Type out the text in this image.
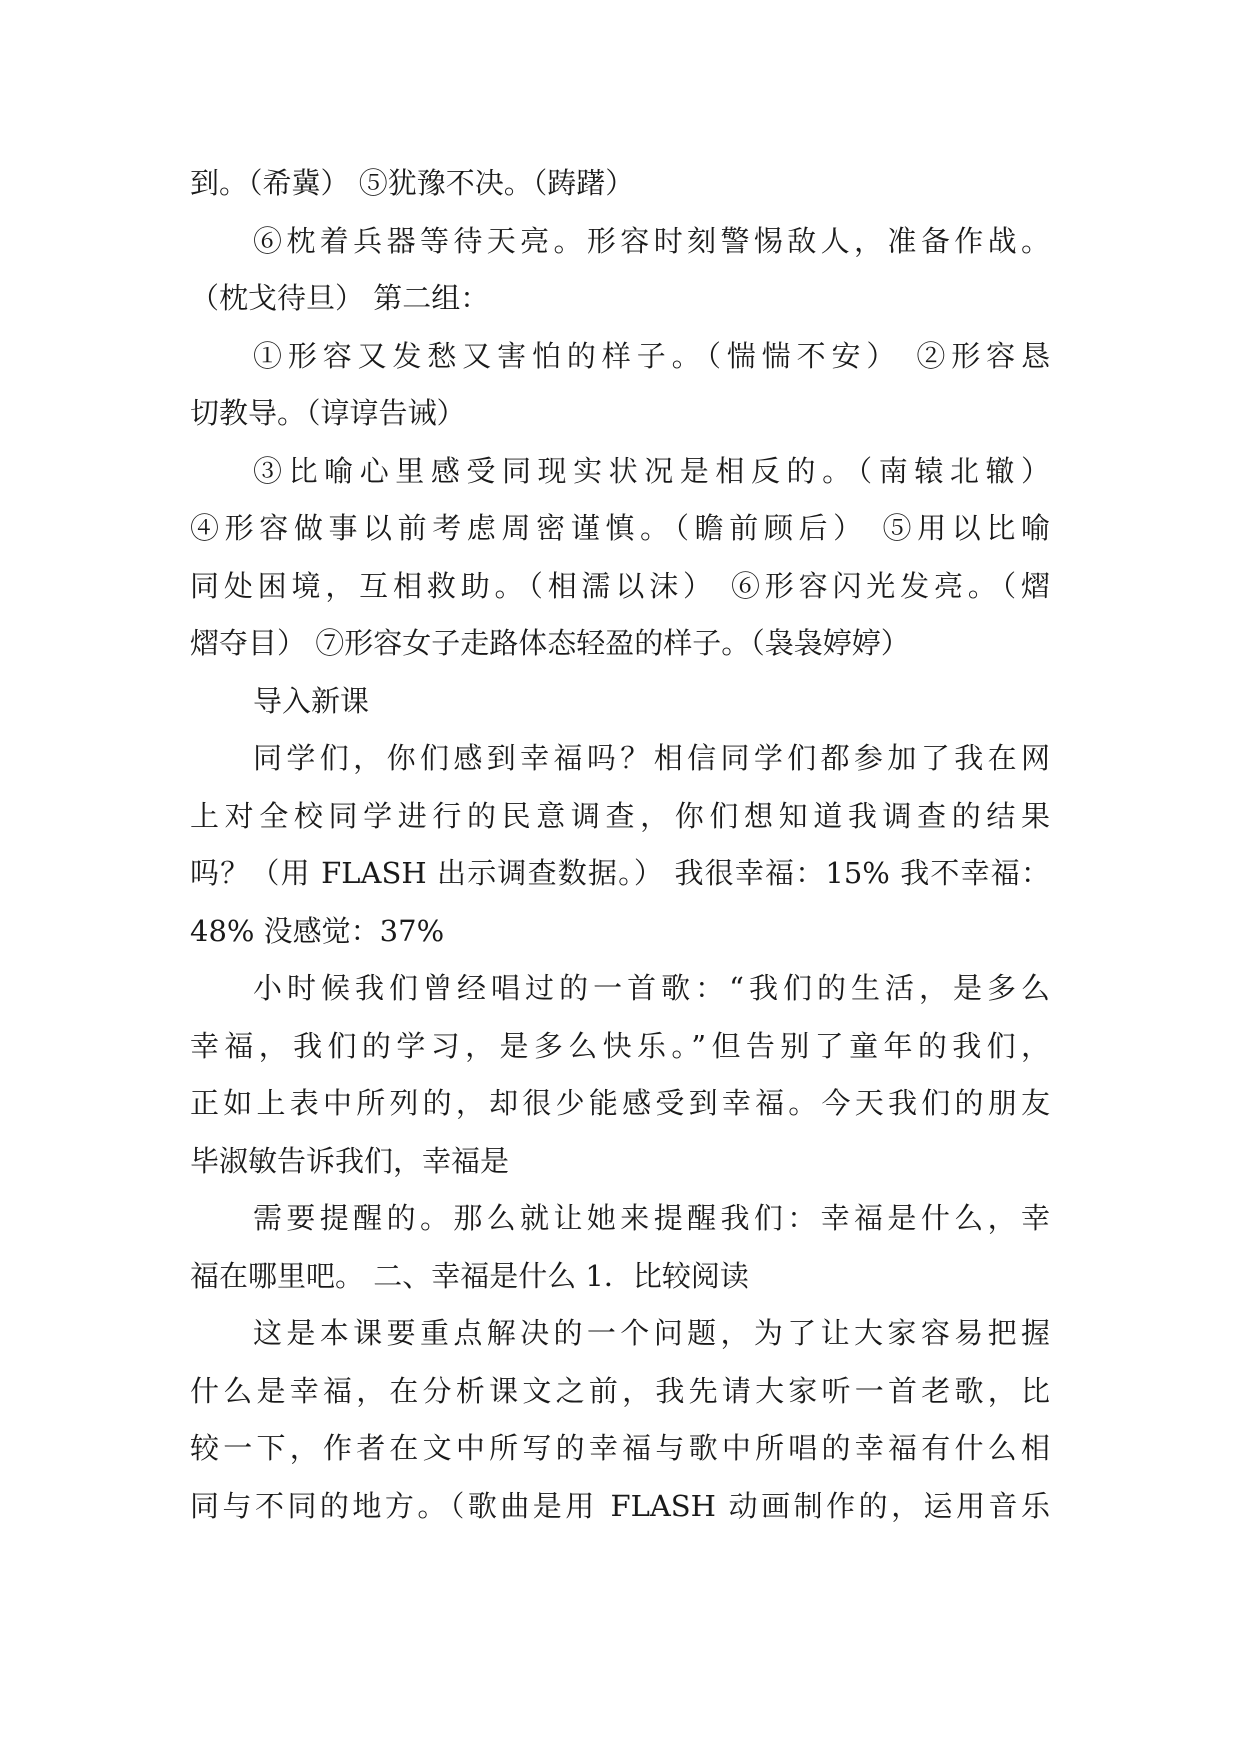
到。（希冀） ⑤犹豫不决。（踌躇）
⑥枕着兵器等待天亮。形容时刻警惕敌人，准备作战。
（枕戈待旦） 第二组：
①形容又发愁又害怕的样子。（惴惴不安） ②形容恳
切教导。（谆谆告诫）
③比喻心里感受同现实状况是相反的。（南辕北辙）
④形容做事以前考虑周密谨慎。（瞻前顾后） ⑤用以比喻
同处困境，互相救助。（相濡以沫） ⑥形容闪光发亮。（熠
熠夺目） ⑦形容女子走路体态轻盈的样子。（袅袅婷婷）
导入新课
同学们，你们感到幸福吗？相信同学们都参加了我在网
上对全校同学进行的民意调查，你们想知道我调查的结果
吗？（用 FLASH 出示调查数据。） 我很幸福：15% 我不幸福：
48% 没感觉：37%
小时候我们曾经唱过的一首歌：“我们的生活，是多么
幸福，我们的学习，是多么快乐。”但告别了童年的我们，
正如上表中所列的，却很少能感受到幸福。今天我们的朋友
毕淑敏告诉我们，幸福是
需要提醒的。那么就让她来提醒我们：幸福是什么，幸
福在哪里吧。 二、幸福是什么 1．比较阅读
这是本课要重点解决的一个问题，为了让大家容易把握
什么是幸福，在分析课文之前，我先请大家听一首老歌，比
较一下，作者在文中所写的幸福与歌中所唱的幸福有什么相
同与不同的地方。（歌曲是用 FLASH 动画制作的，运用音乐
